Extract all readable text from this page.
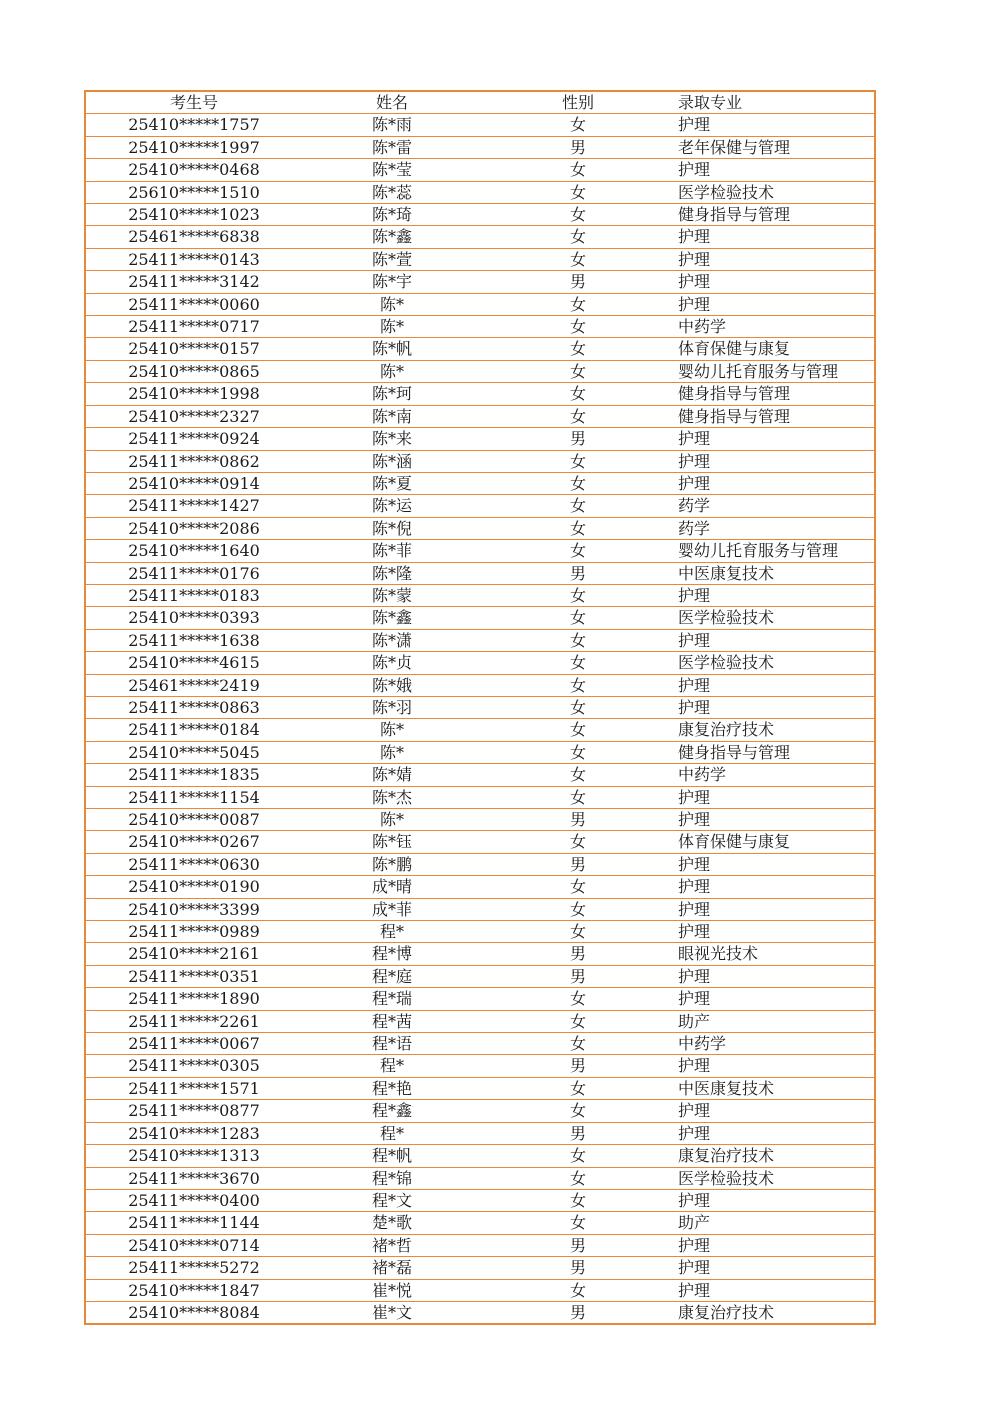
考生号	姓名	性别	录取专业
25410*****1757	陈*雨	女	护理
25410*****1997	陈*雷	男	老年保健与管理
25410*****0468	陈*莹	女	护理
25610*****1510	陈*蕊	女	医学检验技术
25410*****1023	陈*琦	女	健身指导与管理
25461*****6838	陈*鑫	女	护理
25411*****0143	陈*萱	女	护理
25411*****3142	陈*宇	男	护理
25411*****0060	陈*	女	护理
25411*****0717	陈*	女	中药学
25410*****0157	陈*帆	女	体育保健与康复
25410*****0865	陈*	女	婴幼儿托育服务与管理
25410*****1998	陈*珂	女	健身指导与管理
25410*****2327	陈*南	女	健身指导与管理
25411*****0924	陈*来	男	护理
25411*****0862	陈*涵	女	护理
25410*****0914	陈*夏	女	护理
25411*****1427	陈*运	女	药学
25410*****2086	陈*倪	女	药学
25410*****1640	陈*菲	女	婴幼儿托育服务与管理
25411*****0176	陈*隆	男	中医康复技术
25411*****0183	陈*蒙	女	护理
25410*****0393	陈*鑫	女	医学检验技术
25411*****1638	陈*潇	女	护理
25410*****4615	陈*贞	女	医学检验技术
25461*****2419	陈*娥	女	护理
25411*****0863	陈*羽	女	护理
25411*****0184	陈*	女	康复治疗技术
25410*****5045	陈*	女	健身指导与管理
25411*****1835	陈*婧	女	中药学
25411*****1154	陈*杰	女	护理
25410*****0087	陈*	男	护理
25410*****0267	陈*钰	女	体育保健与康复
25411*****0630	陈*鹏	男	护理
25410*****0190	成*晴	女	护理
25410*****3399	成*菲	女	护理
25411*****0989	程*	女	护理
25410*****2161	程*博	男	眼视光技术
25411*****0351	程*庭	男	护理
25411*****1890	程*瑞	女	护理
25411*****2261	程*茜	女	助产
25411*****0067	程*语	女	中药学
25411*****0305	程*	男	护理
25411*****1571	程*艳	女	中医康复技术
25411*****0877	程*鑫	女	护理
25410*****1283	程*	男	护理
25410*****1313	程*帆	女	康复治疗技术
25411*****3670	程*锦	女	医学检验技术
25411*****0400	程*文	女	护理
25411*****1144	楚*歌	女	助产
25410*****0714	褚*哲	男	护理
25411*****5272	褚*磊	男	护理
25410*****1847	崔*悦	女	护理
25410*****8084	崔*文	男	康复治疗技术
